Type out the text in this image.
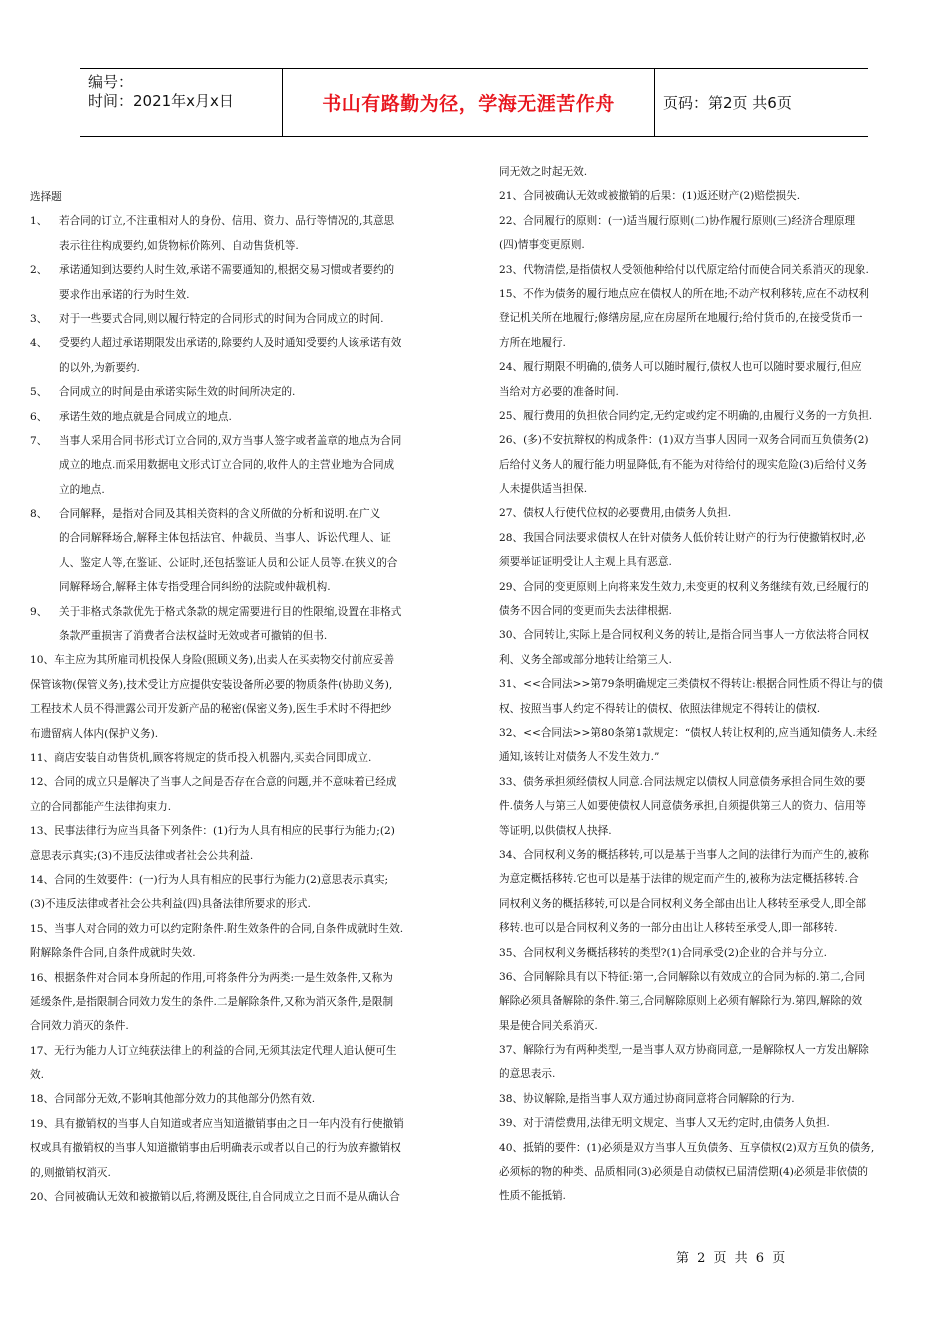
编号：
时间：2021年x月x日	书山有路勤为径，学海无涯苦作舟	页码：第2页 共6页
选择题
1、 若合同的订立,不注重相对人的身份、信用、资力、品行等情况的,其意思
表示往往构成要约,如货物标价陈列、自动售货机等.
2、 承诺通知到达要约人时生效,承诺不需要通知的,根据交易习惯或者要约的
要求作出承诺的行为时生效.
3、 对于一些要式合同,则以履行特定的合同形式的时间为合同成立的时间.
4、 受要约人超过承诺期限发出承诺的,除要约人及时通知受要约人该承诺有效
的以外,为新要约.
5、 合同成立的时间是由承诺实际生效的时间所决定的.
6、 承诺生效的地点就是合同成立的地点.
7、 当事人采用合同书形式订立合同的,双方当事人签字或者盖章的地点为合同
成立的地点.而采用数据电文形式订立合同的,收件人的主营业地为合同成
立的地点.
8、 合同解释，是指对合同及其相关资料的含义所做的分析和说明.在广义
的合同解释场合,解释主体包括法官、仲裁员、当事人、诉讼代理人、证
人、鉴定人等,在鉴证、公证时,还包括鉴证人员和公证人员等.在狭义的合
同解释场合,解释主体专指受理合同纠纷的法院或仲裁机构.
9、 关于非格式条款优先于格式条款的规定需要进行目的性限缩,设置在非格式
条款严重损害了消费者合法权益时无效或者可撤销的但书.
10、车主应为其所雇司机投保人身险(照顾义务),出卖人在买卖物交付前应妥善
保管该物(保管义务),技术受让方应提供安装设备所必要的物质条件(协助义务),
工程技术人员不得泄露公司开发新产品的秘密(保密义务),医生手术时不得把纱
布遗留病人体内(保护义务).
11、商店安装自动售货机,顾客将规定的货币投入机器内,买卖合同即成立.
12、合同的成立只是解决了当事人之间是否存在合意的问题,并不意味着已经成
立的合同都能产生法律拘束力.
13、民事法律行为应当具备下列条件：(1)行为人具有相应的民事行为能力;(2)
意思表示真实;(3)不违反法律或者社会公共利益.
14、合同的生效要件：(一)行为人具有相应的民事行为能力(2)意思表示真实;
(3)不违反法律或者社会公共利益(四)具备法律所要求的形式.
15、当事人对合同的效力可以约定附条件.附生效条件的合同,自条件成就时生效.
附解除条件合同,自条件成就时失效.
16、根据条件对合同本身所起的作用,可将条件分为两类:一是生效条件,又称为
延缓条件,是指限制合同效力发生的条件.二是解除条件,又称为消灭条件,是限制
合同效力消灭的条件.
17、无行为能力人订立纯获法律上的利益的合同,无须其法定代理人追认便可生
效.
18、合同部分无效,不影响其他部分效力的其他部分仍然有效.
19、具有撤销权的当事人自知道或者应当知道撤销事由之日一年内没有行使撤销
权或具有撤销权的当事人知道撤销事由后明确表示或者以自己的行为放弃撤销权
的,则撤销权消灭.
20、合同被确认无效和被撤销以后,将溯及既往,自合同成立之日而不是从确认合
同无效之时起无效.
21、合同被确认无效或被撤销的后果：(1)返还财产(2)赔偿损失.
22、合同履行的原则：(一)适当履行原则(二)协作履行原则(三)经济合理原理
(四)情事变更原则.
23、代物清偿,是指债权人受领他种给付以代原定给付而使合同关系消灭的现象.
15、不作为债务的履行地点应在债权人的所在地;不动产权利移转,应在不动权利
登记机关所在地履行;修缮房屋,应在房屋所在地履行;给付货币的,在接受货币一
方所在地履行.
24、履行期限不明确的,债务人可以随时履行,债权人也可以随时要求履行,但应
当给对方必要的准备时间.
25、履行费用的负担依合同约定,无约定或约定不明确的,由履行义务的一方负担.
26、(多)不安抗辩权的构成条件：(1)双方当事人因同一双务合同而互负债务(2)
后给付义务人的履行能力明显降低,有不能为对待给付的现实危险(3)后给付义务
人未提供适当担保.
27、债权人行使代位权的必要费用,由债务人负担.
28、我国合同法要求债权人在针对债务人低价转让财产的行为行使撤销权时,必
须要举证证明受让人主观上具有恶意.
29、合同的变更原则上向将来发生效力,未变更的权利义务继续有效,已经履行的
债务不因合同的变更而失去法律根据.
30、合同转让,实际上是合同权利义务的转让,是指合同当事人一方依法将合同权
利、义务全部或部分地转让给第三人.
31、<<合同法>>第79条明确规定三类债权不得转让:根据合同性质不得让与的债
权、按照当事人约定不得转让的债权、依照法律规定不得转让的债权.
32、<<合同法>>第80条第1款规定：“债权人转让权利的,应当通知债务人.未经
通知,该转让对债务人不发生效力.”
33、债务承担须经债权人同意.合同法规定以债权人同意债务承担合同生效的要
件.债务人与第三人如要使债权人同意债务承担,自须提供第三人的资力、信用等
等证明,以供债权人抉择.
34、合同权利义务的概括移转,可以是基于当事人之间的法律行为而产生的,被称
为意定概括移转.它也可以是基于法律的规定而产生的,被称为法定概括移转.合
同权利义务的概括移转,可以是合同权利义务全部由出让人移转至承受人,即全部
移转.也可以是合同权利义务的一部分由出让人移转至承受人,即一部移转.
35、合同权利义务概括移转的类型?(1)合同承受(2)企业的合并与分立.
36、合同解除具有以下特征:第一,合同解除以有效成立的合同为标的.第二,合同
解除必须具备解除的条件.第三,合同解除原则上必须有解除行为.第四,解除的效
果是使合同关系消灭.
37、解除行为有两种类型,一是当事人双方协商同意,一是解除权人一方发出解除
的意思表示.
38、协议解除,是指当事人双方通过协商同意将合同解除的行为.
39、对于清偿费用,法律无明文规定、当事人又无约定时,由债务人负担.
40、抵销的要件：(1)必须是双方当事人互负债务、互享债权(2)双方互负的债务,
必须标的物的种类、品质相同(3)必须是自动债权已届清偿期(4)必须是非依债的
性质不能抵销.
第 2 页 共 6 页
